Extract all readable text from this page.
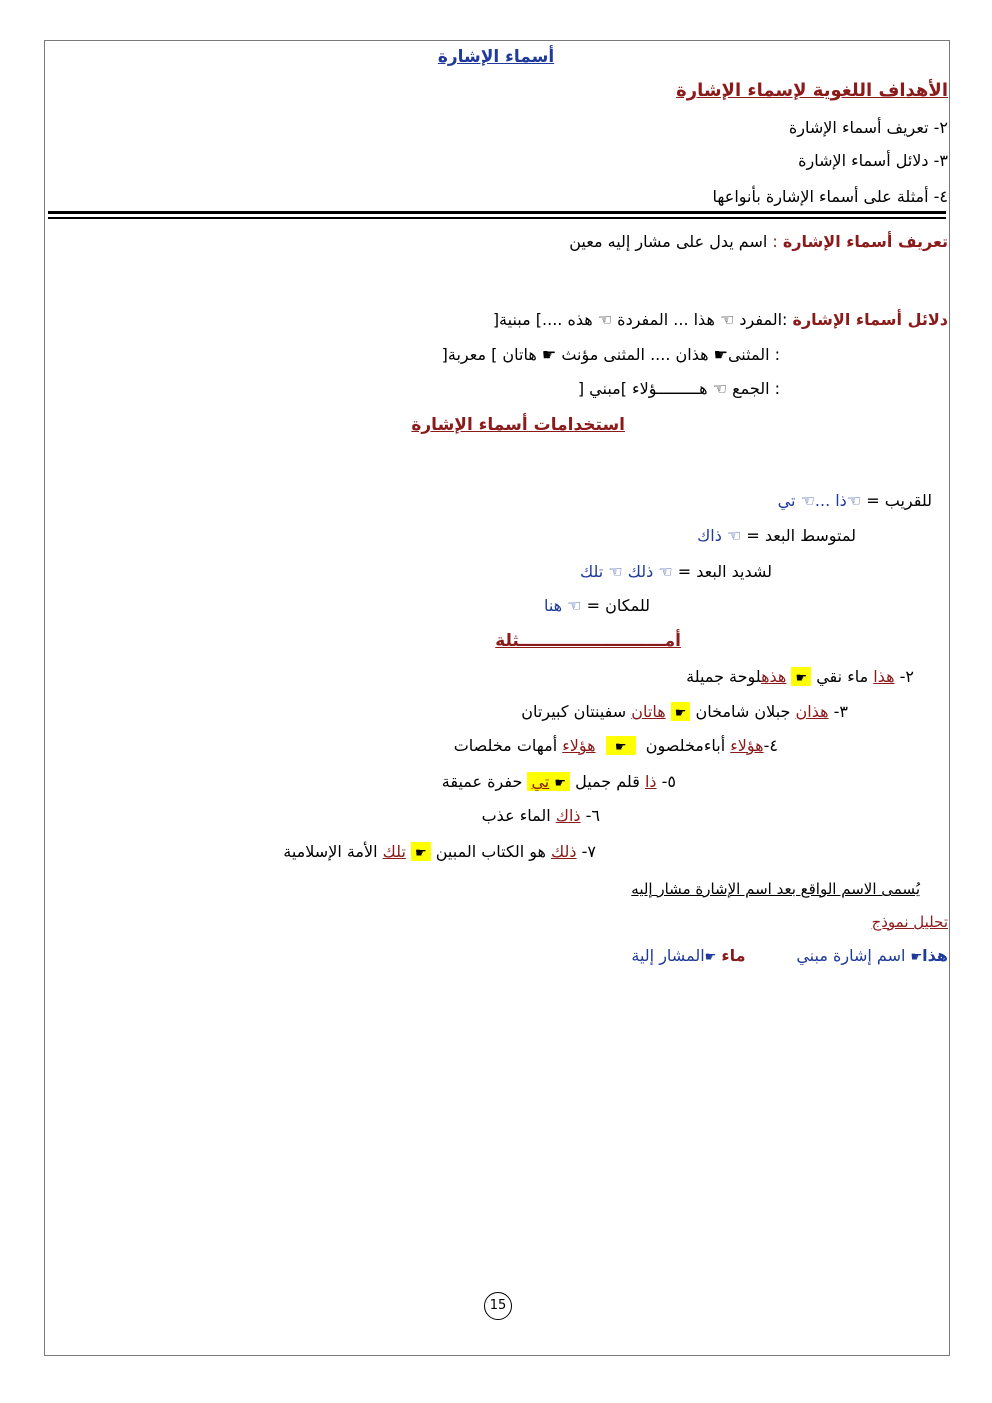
أسماء الإشارة
الأهداف اللغوية لإسماء الإشارة
٢- تعريف أسماء الإشارة
٣- دلائل أسماء الإشارة
٤- أمثلة على أسماء الإشارة بأنواعها
تعريف أسماء الإشارة : اسم يدل على مشار إليه معين
دلائل أسماء الإشارة :المفرد ☜ هذا ... المفردة ☜ هذه ....] مبنية[
: المثنى☛ هذان .... المثنى مؤنث ☛ هاتان ] معربة[
: الجمع ☜ هـــــــــؤلاء ]مبني [
استخدامات أسماء الإشارة
للقريب = ☜ذا ...☜ تي
لمتوسط البعد = ☜ ذاك
لشديد البعد = ☜ ذلك ☜ تلك
للمكان = ☜ هنا
أمـــــــــــــــــــــــــثلة
٢- هذا ماء نقي ☛ هذهلوحة جميلة
٣- هذان جبلان شامخان ☛ هاتان سفينتان كبيرتان
٤-هؤلاء أباءمخلصون   ☛   هؤلاء أمهات مخلصات
٥- ذا قلم جميل ☛ تي حفرة عميقة
٦- ذاك الماء عذب
٧- ذلك هو الكتاب المبين ☛ تلك الأمة الإسلامية
يُسمى الاسم الواقع بعد اسم الإشارة مشار إليه
تحليل نموذج
هذا☛ اسم إشارة مبني          ماء ☛المشار إلية
15
